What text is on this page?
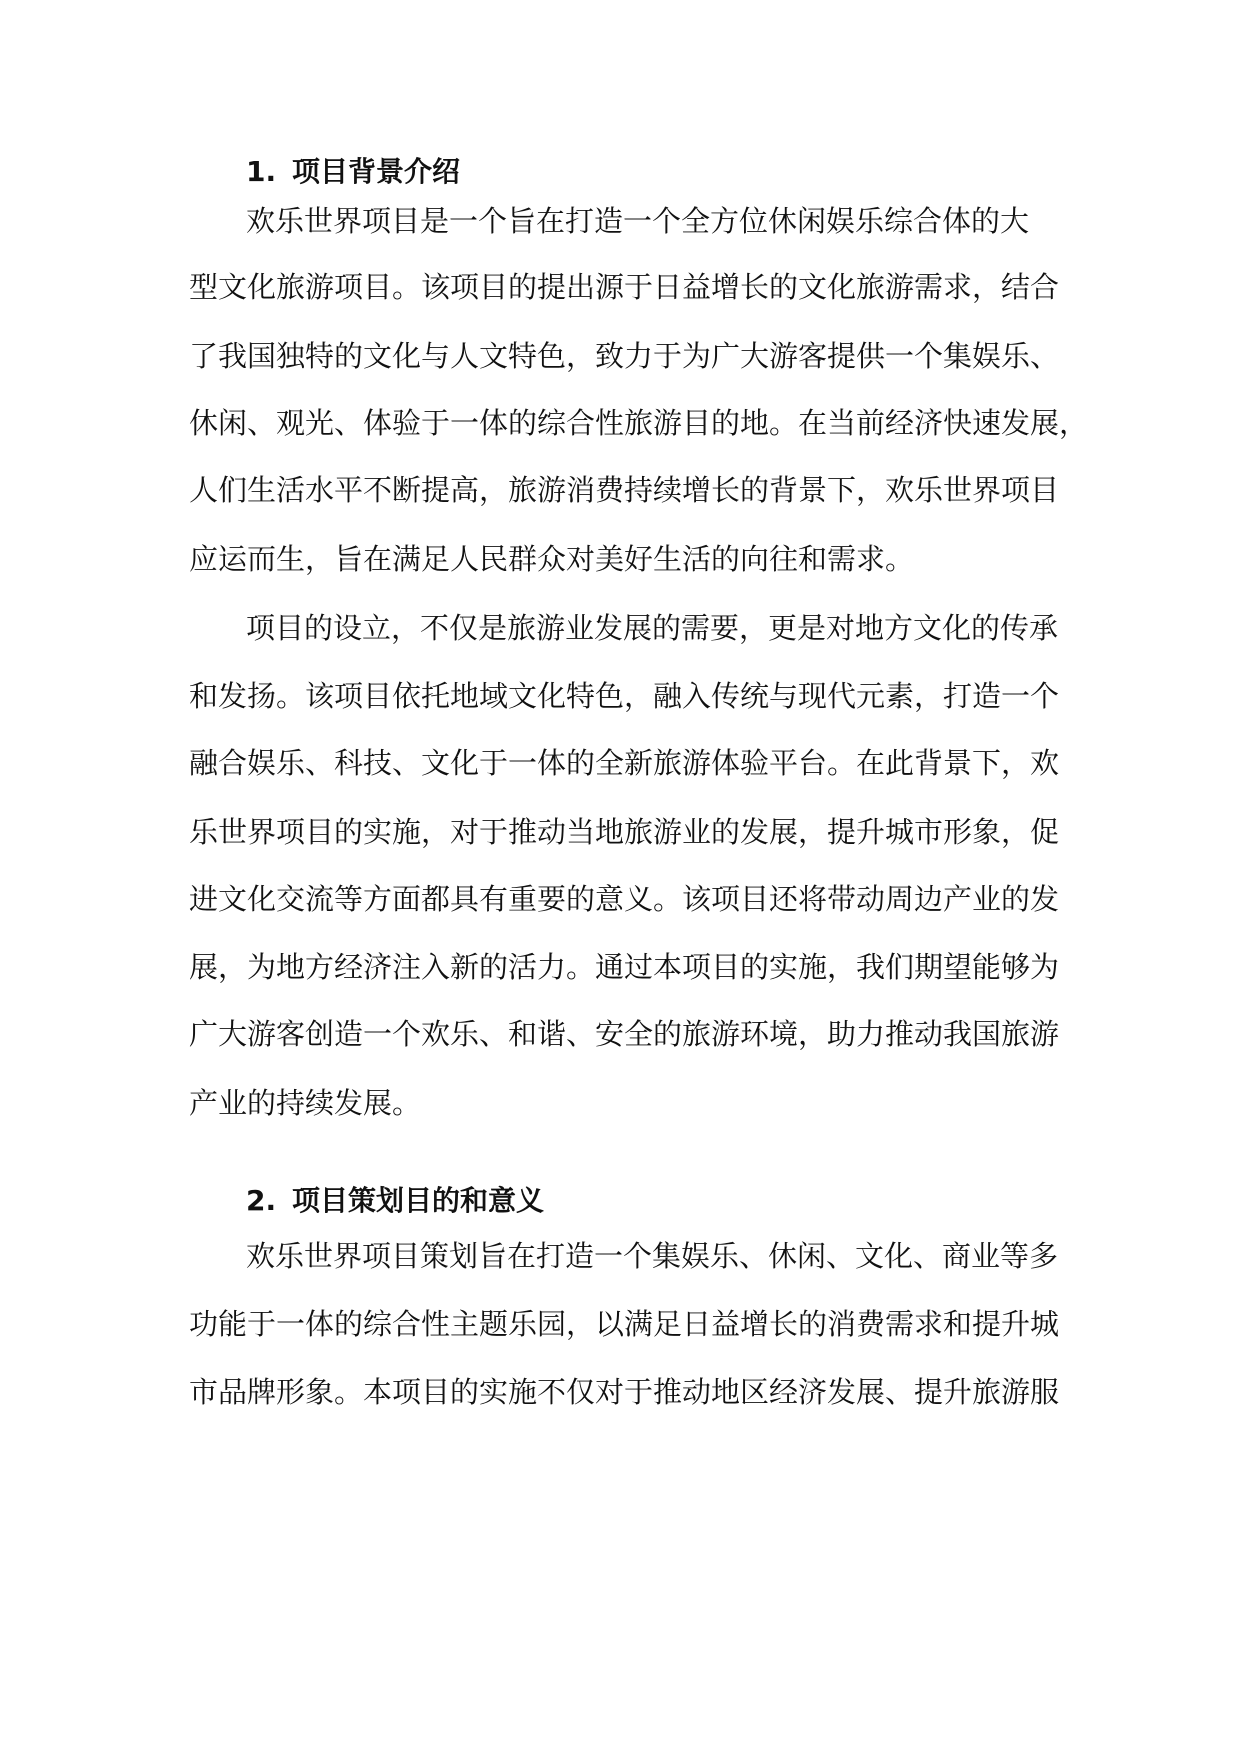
1. 项目背景介绍
欢乐世界项目是一个旨在打造一个全方位休闲娱乐综合体的大
型文化旅游项目。该项目的提出源于日益增长的文化旅游需求，结合
了我国独特的文化与人文特色，致力于为广大游客提供一个集娱乐、
休闲、观光、体验于一体的综合性旅游目的地。在当前经济快速发展，
人们生活水平不断提高，旅游消费持续增长的背景下，欢乐世界项目
应运而生，旨在满足人民群众对美好生活的向往和需求。
项目的设立，不仅是旅游业发展的需要，更是对地方文化的传承
和发扬。该项目依托地域文化特色，融入传统与现代元素，打造一个
融合娱乐、科技、文化于一体的全新旅游体验平台。在此背景下，欢
乐世界项目的实施，对于推动当地旅游业的发展，提升城市形象，促
进文化交流等方面都具有重要的意义。该项目还将带动周边产业的发
展，为地方经济注入新的活力。通过本项目的实施，我们期望能够为
广大游客创造一个欢乐、和谐、安全的旅游环境，助力推动我国旅游
产业的持续发展。
2. 项目策划目的和意义
欢乐世界项目策划旨在打造一个集娱乐、休闲、文化、商业等多
功能于一体的综合性主题乐园，以满足日益增长的消费需求和提升城
市品牌形象。本项目的实施不仅对于推动地区经济发展、提升旅游服
